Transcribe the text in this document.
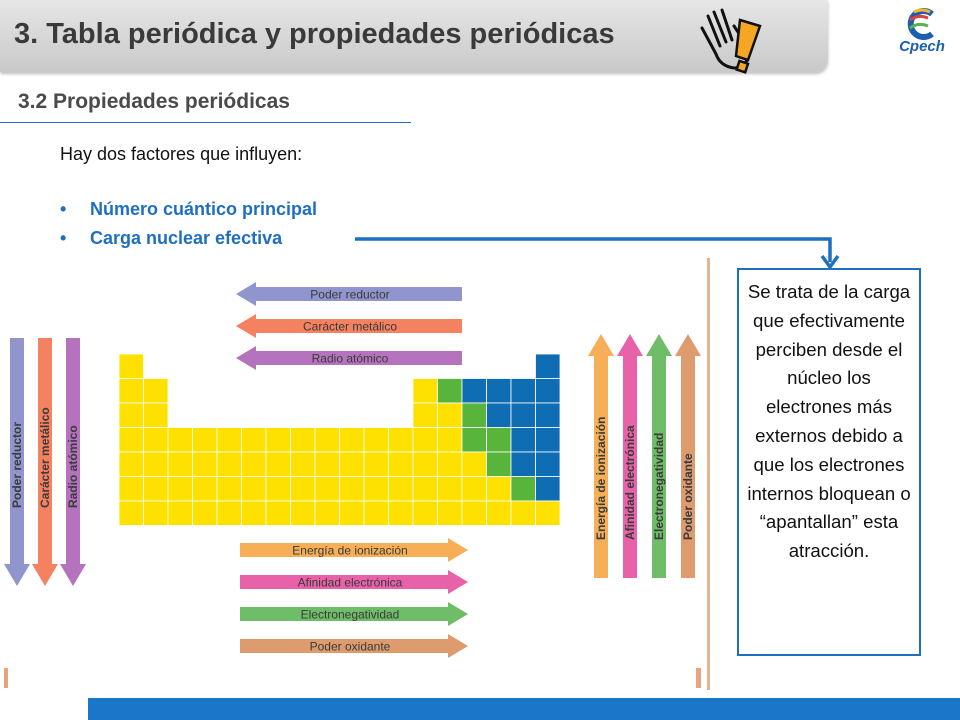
3. Tabla periódica y propiedades periódicas	Cpech
3.2 Propiedades periódicas
Hay dos factores que influyen:
• Número cuántico principal
• Carga nuclear efectiva
Poder reductor
Carácter metálico
Radio atómico
Energía de ionización
Afinidad electrónica
Electronegatividad
Poder oxidante
Poder reductor Carácter metálico Radio atómico	Energía de ionización Afinidad electrónica Electronegatividad Poder oxidante
Se trata de la carga que efectivamente perciben desde el núcleo los electrones más externos debido a que los electrones internos bloquean o “apantallan” esta atracción.
